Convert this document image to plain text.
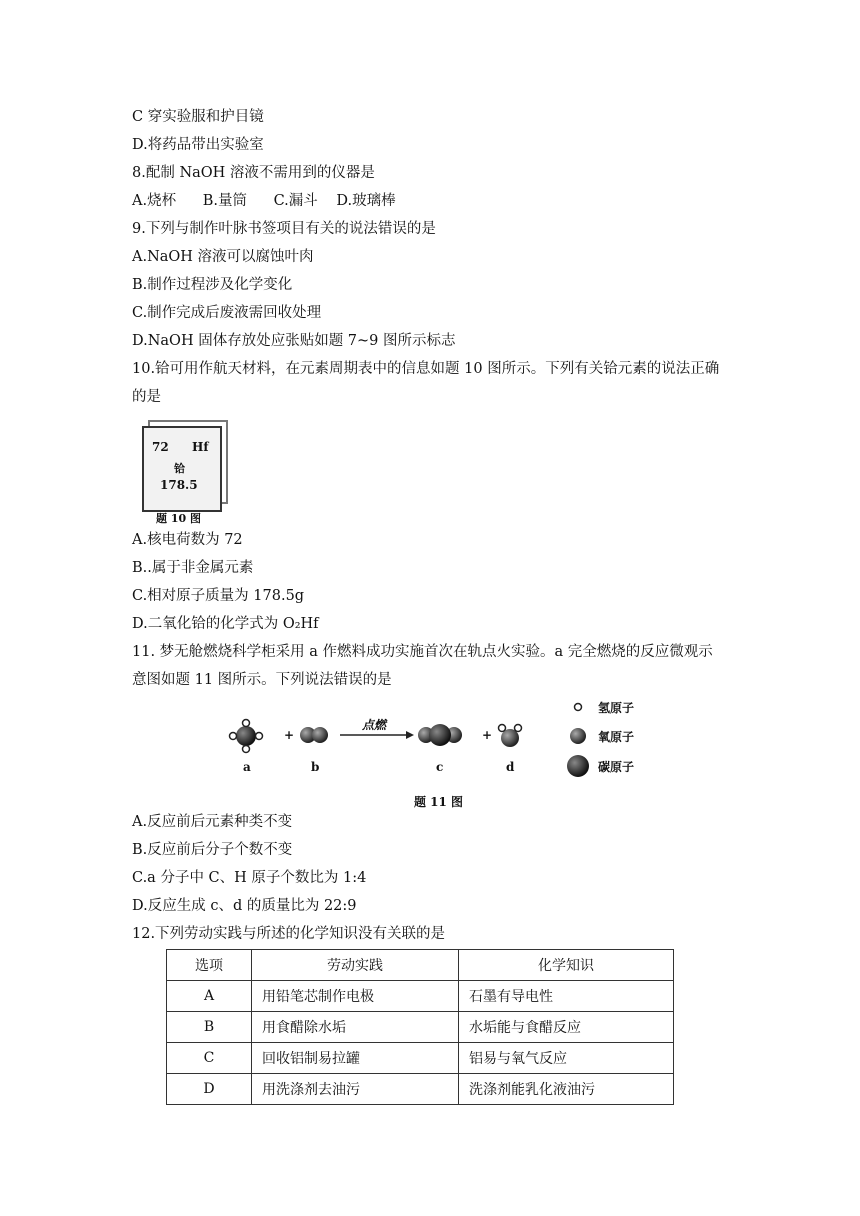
C 穿实验服和护目镜
D.将药品带出实验室
8.配制 NaOH 溶液不需用到的仪器是
A.烧杯 B.量筒 C.漏斗 D.玻璃棒
9.下列与制作叶脉书签项目有关的说法错误的是
A.NaOH 溶液可以腐蚀叶肉
B.制作过程涉及化学变化
C.制作完成后废液需回收处理
D.NaOH 固体存放处应张贴如题 7~9 图所示标志
10.铪可用作航天材料，在元素周期表中的信息如题 10 图所示。下列有关铪元素的说法正确
的是
72 Hf
铪
178.5
题 10 图
A.核电荷数为 72
B..属于非金属元素
C.相对原子质量为 178.5g
D.二氧化铪的化学式为 O₂Hf
11. 梦无舱燃烧科学柜采用 a 作燃料成功实施首次在轨点火实验。a 完全燃烧的反应微观示
意图如题 11 图所示。下列说法错误的是
+	+
点燃
a	b	c	d
氢原子
氧原子
碳原子
题 11 图
A.反应前后元素种类不变
B.反应前后分子个数不变
C.a 分子中 C、H 原子个数比为 1:4
D.反应生成 c、d 的质量比为 22:9
12.下列劳动实践与所述的化学知识没有关联的是
选项	劳动实践	化学知识
A	用铅笔芯制作电极	石墨有导电性
B	用食醋除水垢	水垢能与食醋反应
C	回收铝制易拉罐	铝易与氧气反应
D	用洗涤剂去油污	洗涤剂能乳化液油污
